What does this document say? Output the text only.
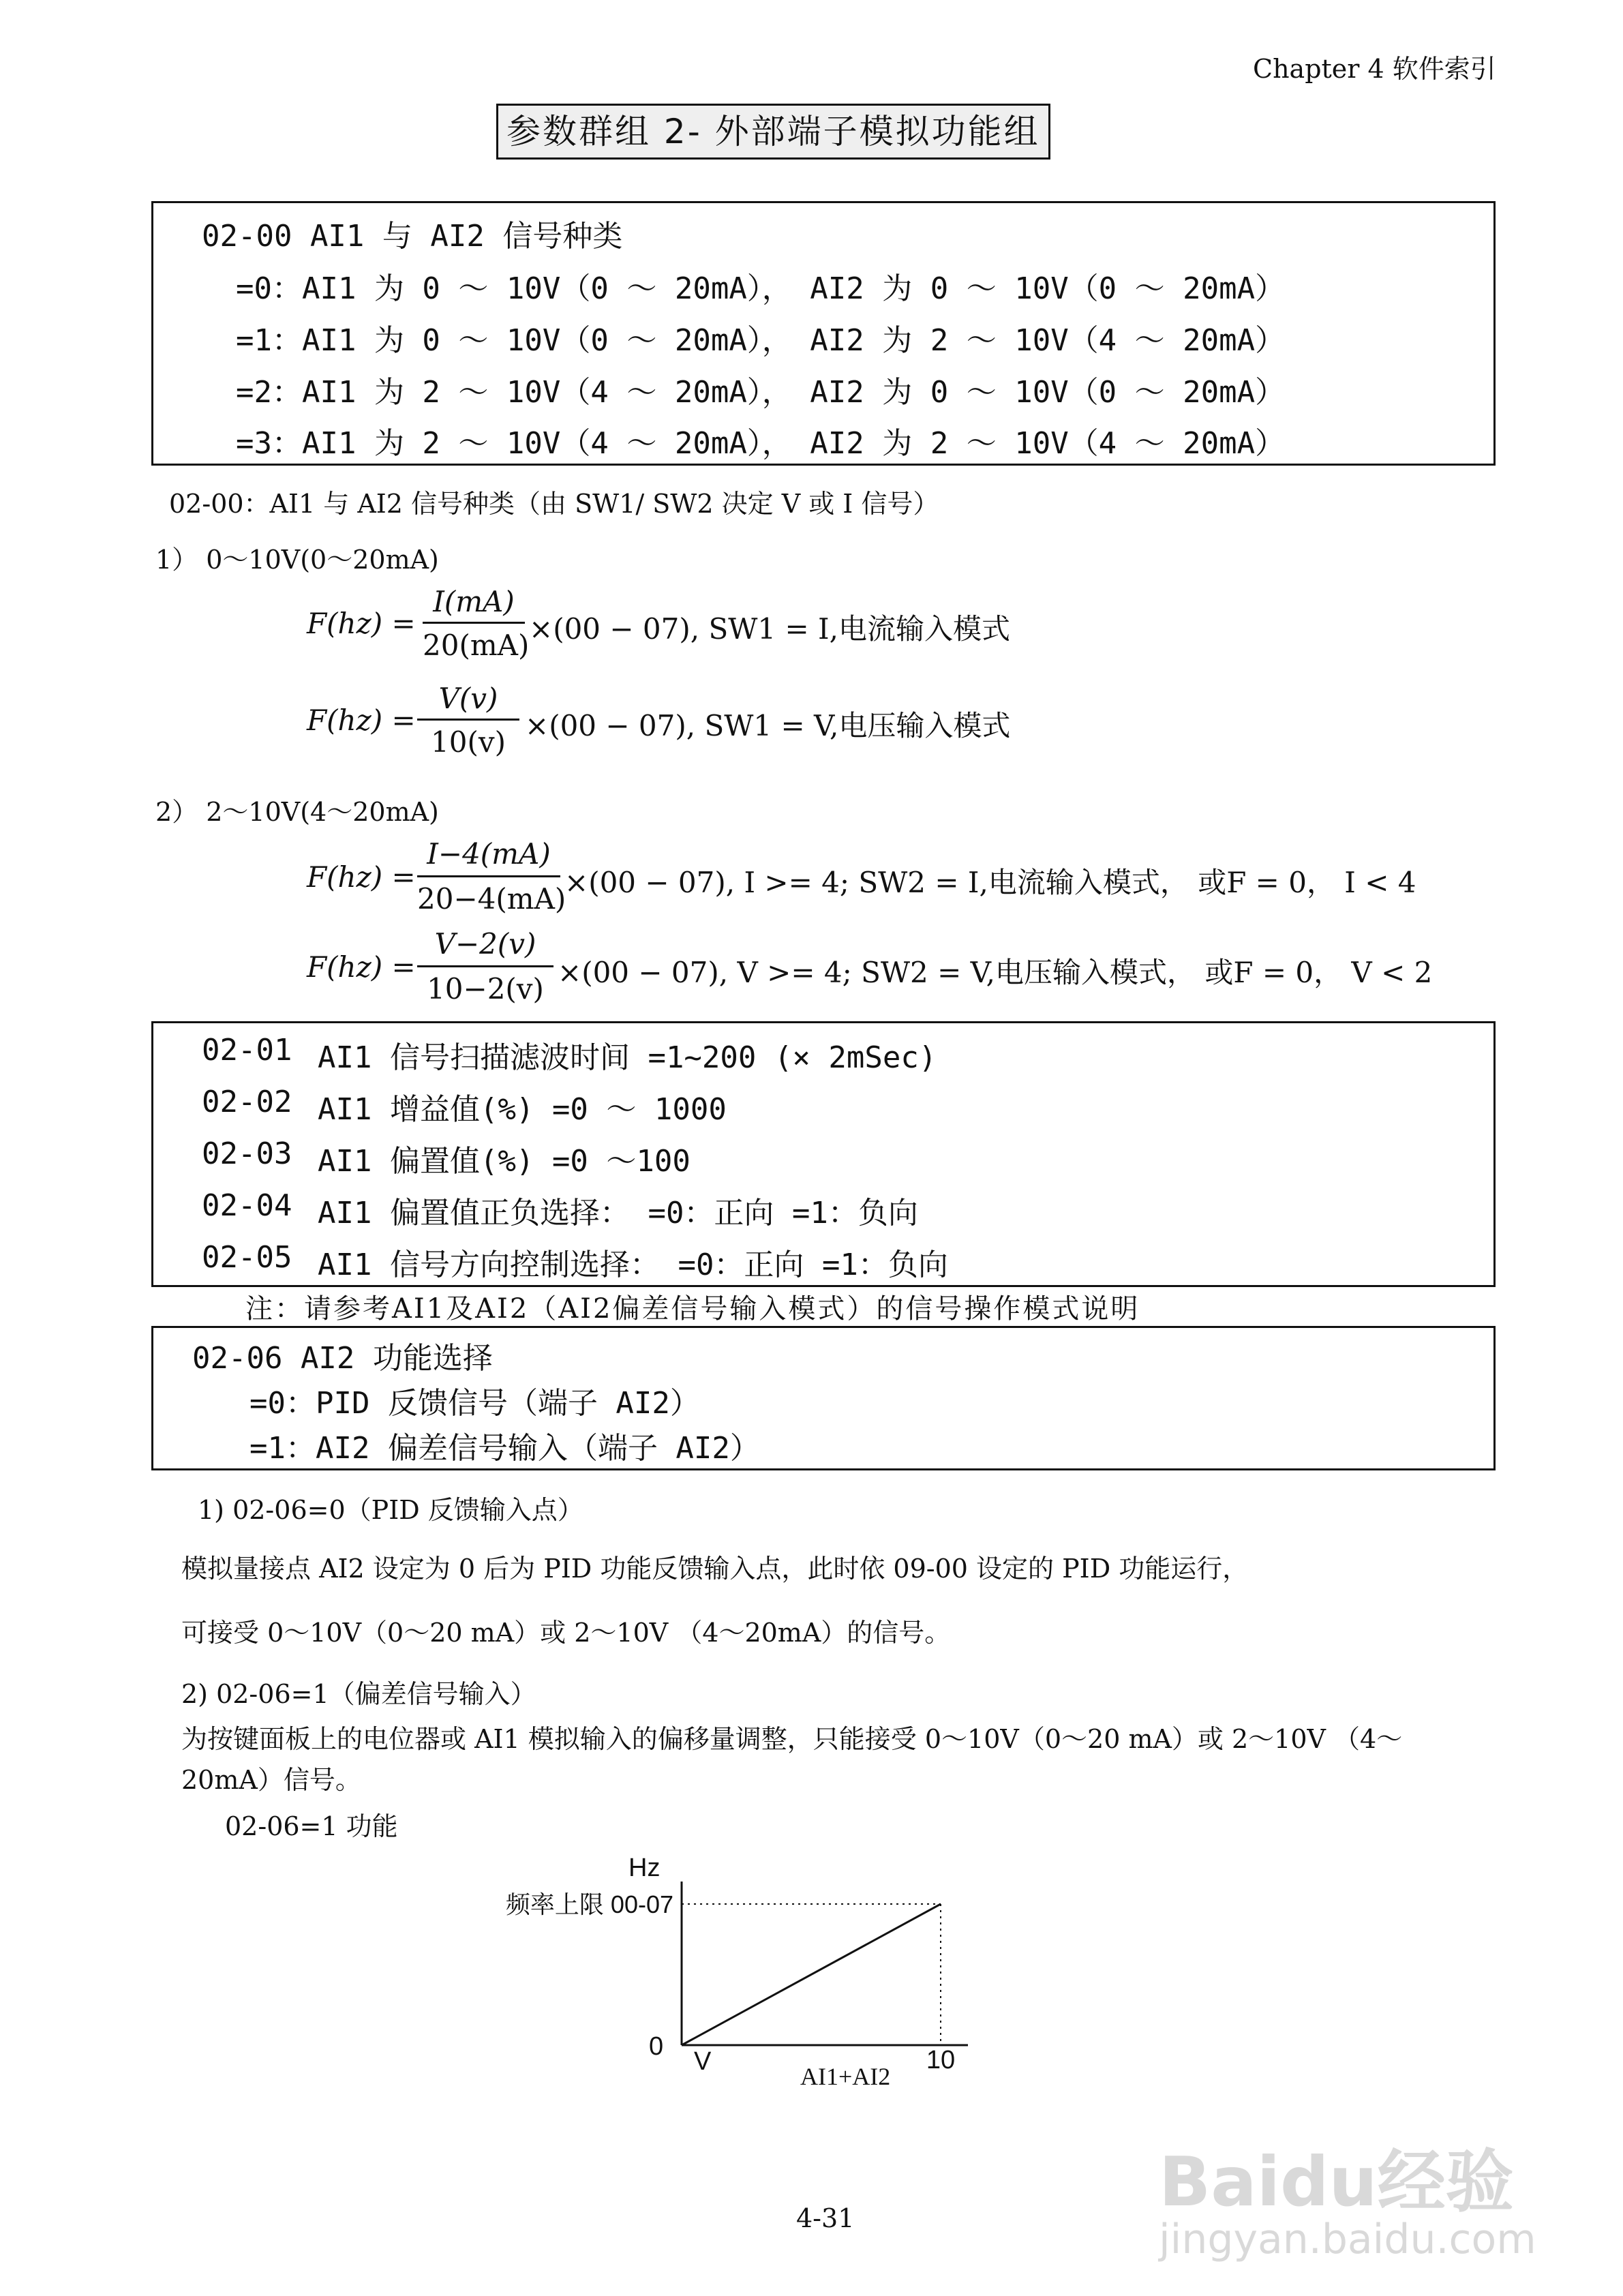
Chapter 4 软件索引
参数群组 2- 外部端子模拟功能组
02-00 AI1 与 AI2 信号种类
=0：AI1 为 0 ～ 10V（0 ～ 20mA）， AI2 为 0 ～ 10V（0 ～ 20mA）
=1：AI1 为 0 ～ 10V（0 ～ 20mA）， AI2 为 2 ～ 10V（4 ～ 20mA）
=2：AI1 为 2 ～ 10V（4 ～ 20mA）， AI2 为 0 ～ 10V（0 ～ 20mA）
=3：AI1 为 2 ～ 10V（4 ～ 20mA）， AI2 为 2 ～ 10V（4 ～ 20mA）
02-00：AI1 与 AI2 信号种类（由 SW1/ SW2 决定 V 或 I 信号）
1） 0～10V(0～20mA)
F(hz) =
I(mA)
20(mA) ×(00 − 07), SW1 = I,电流输入模式
F(hz) =
V(v)
10(v) ×(00 − 07), SW1 = V,电压输入模式
2） 2～10V(4～20mA)
F(hz) =
I−4(mA)
20−4(mA)
×(00 − 07), I >= 4; SW2 = I,电流输入模式， 或F = 0， I < 4
F(hz) =
V−2(v)
10−2(v) ×(00 − 07), V >= 4; SW2 = V,电压输入模式， 或F = 0， V < 2
02-01 AI1 信号扫描滤波时间 =1~200 (× 2mSec)
02-02 AI1 增益值(%) =0 ～ 1000
02-03 AI1 偏置值(%) =0 ～100
02-04 AI1 偏置值正负选择： =0：正向 =1：负向
02-05 AI1 信号方向控制选择： =0：正向 =1：负向
注：请参考AI1及AI2（AI2偏差信号输入模式）的信号操作模式说明
02-06 AI2 功能选择
=0：PID 反馈信号（端子 AI2）
=1：AI2 偏差信号输入（端子 AI2）
1) 02-06=0（PID 反馈输入点）
模拟量接点 AI2 设定为 0 后为 PID 功能反馈输入点，此时依 09-00 设定的 PID 功能运行，
可接受 0～10V（0～20 mA）或 2～10V （4～20mA）的信号。
2) 02-06=1（偏差信号输入）
为按键面板上的电位器或 AI1 模拟输入的偏移量调整，只能接受 0～10V（0～20 mA）或 2～10V （4～
20mA）信号。
02-06=1 功能
Hz
频率上限 00-07
0
V
AI1+AI2
10
4-31	Baidu经验
jingyan.baidu.com
